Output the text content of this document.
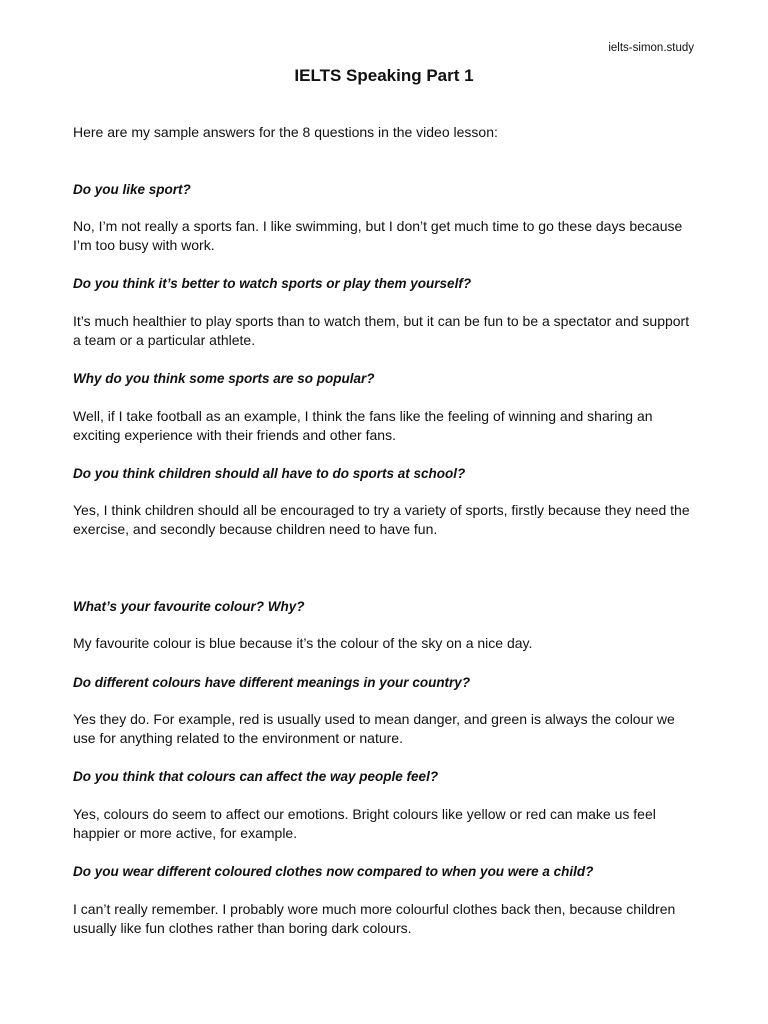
ielts-simon.study
IELTS Speaking Part 1

Here are my sample answers for the 8 questions in the video lesson:

Do you like sport?

No, I’m not really a sports fan. I like swimming, but I don’t get much time to go these days because I’m too busy with work.

Do you think it’s better to watch sports or play them yourself?

It’s much healthier to play sports than to watch them, but it can be fun to be a spectator and support a team or a particular athlete.

Why do you think some sports are so popular?

Well, if I take football as an example, I think the fans like the feeling of winning and sharing an exciting experience with their friends and other fans.

Do you think children should all have to do sports at school?

Yes, I think children should all be encouraged to try a variety of sports, firstly because they need the exercise, and secondly because children need to have fun.

What’s your favourite colour? Why?

My favourite colour is blue because it’s the colour of the sky on a nice day.

Do different colours have different meanings in your country?

Yes they do. For example, red is usually used to mean danger, and green is always the colour we use for anything related to the environment or nature.

Do you think that colours can affect the way people feel?

Yes, colours do seem to affect our emotions. Bright colours like yellow or red can make us feel happier or more active, for example.

Do you wear different coloured clothes now compared to when you were a child?

I can’t really remember. I probably wore much more colourful clothes back then, because children usually like fun clothes rather than boring dark colours.
